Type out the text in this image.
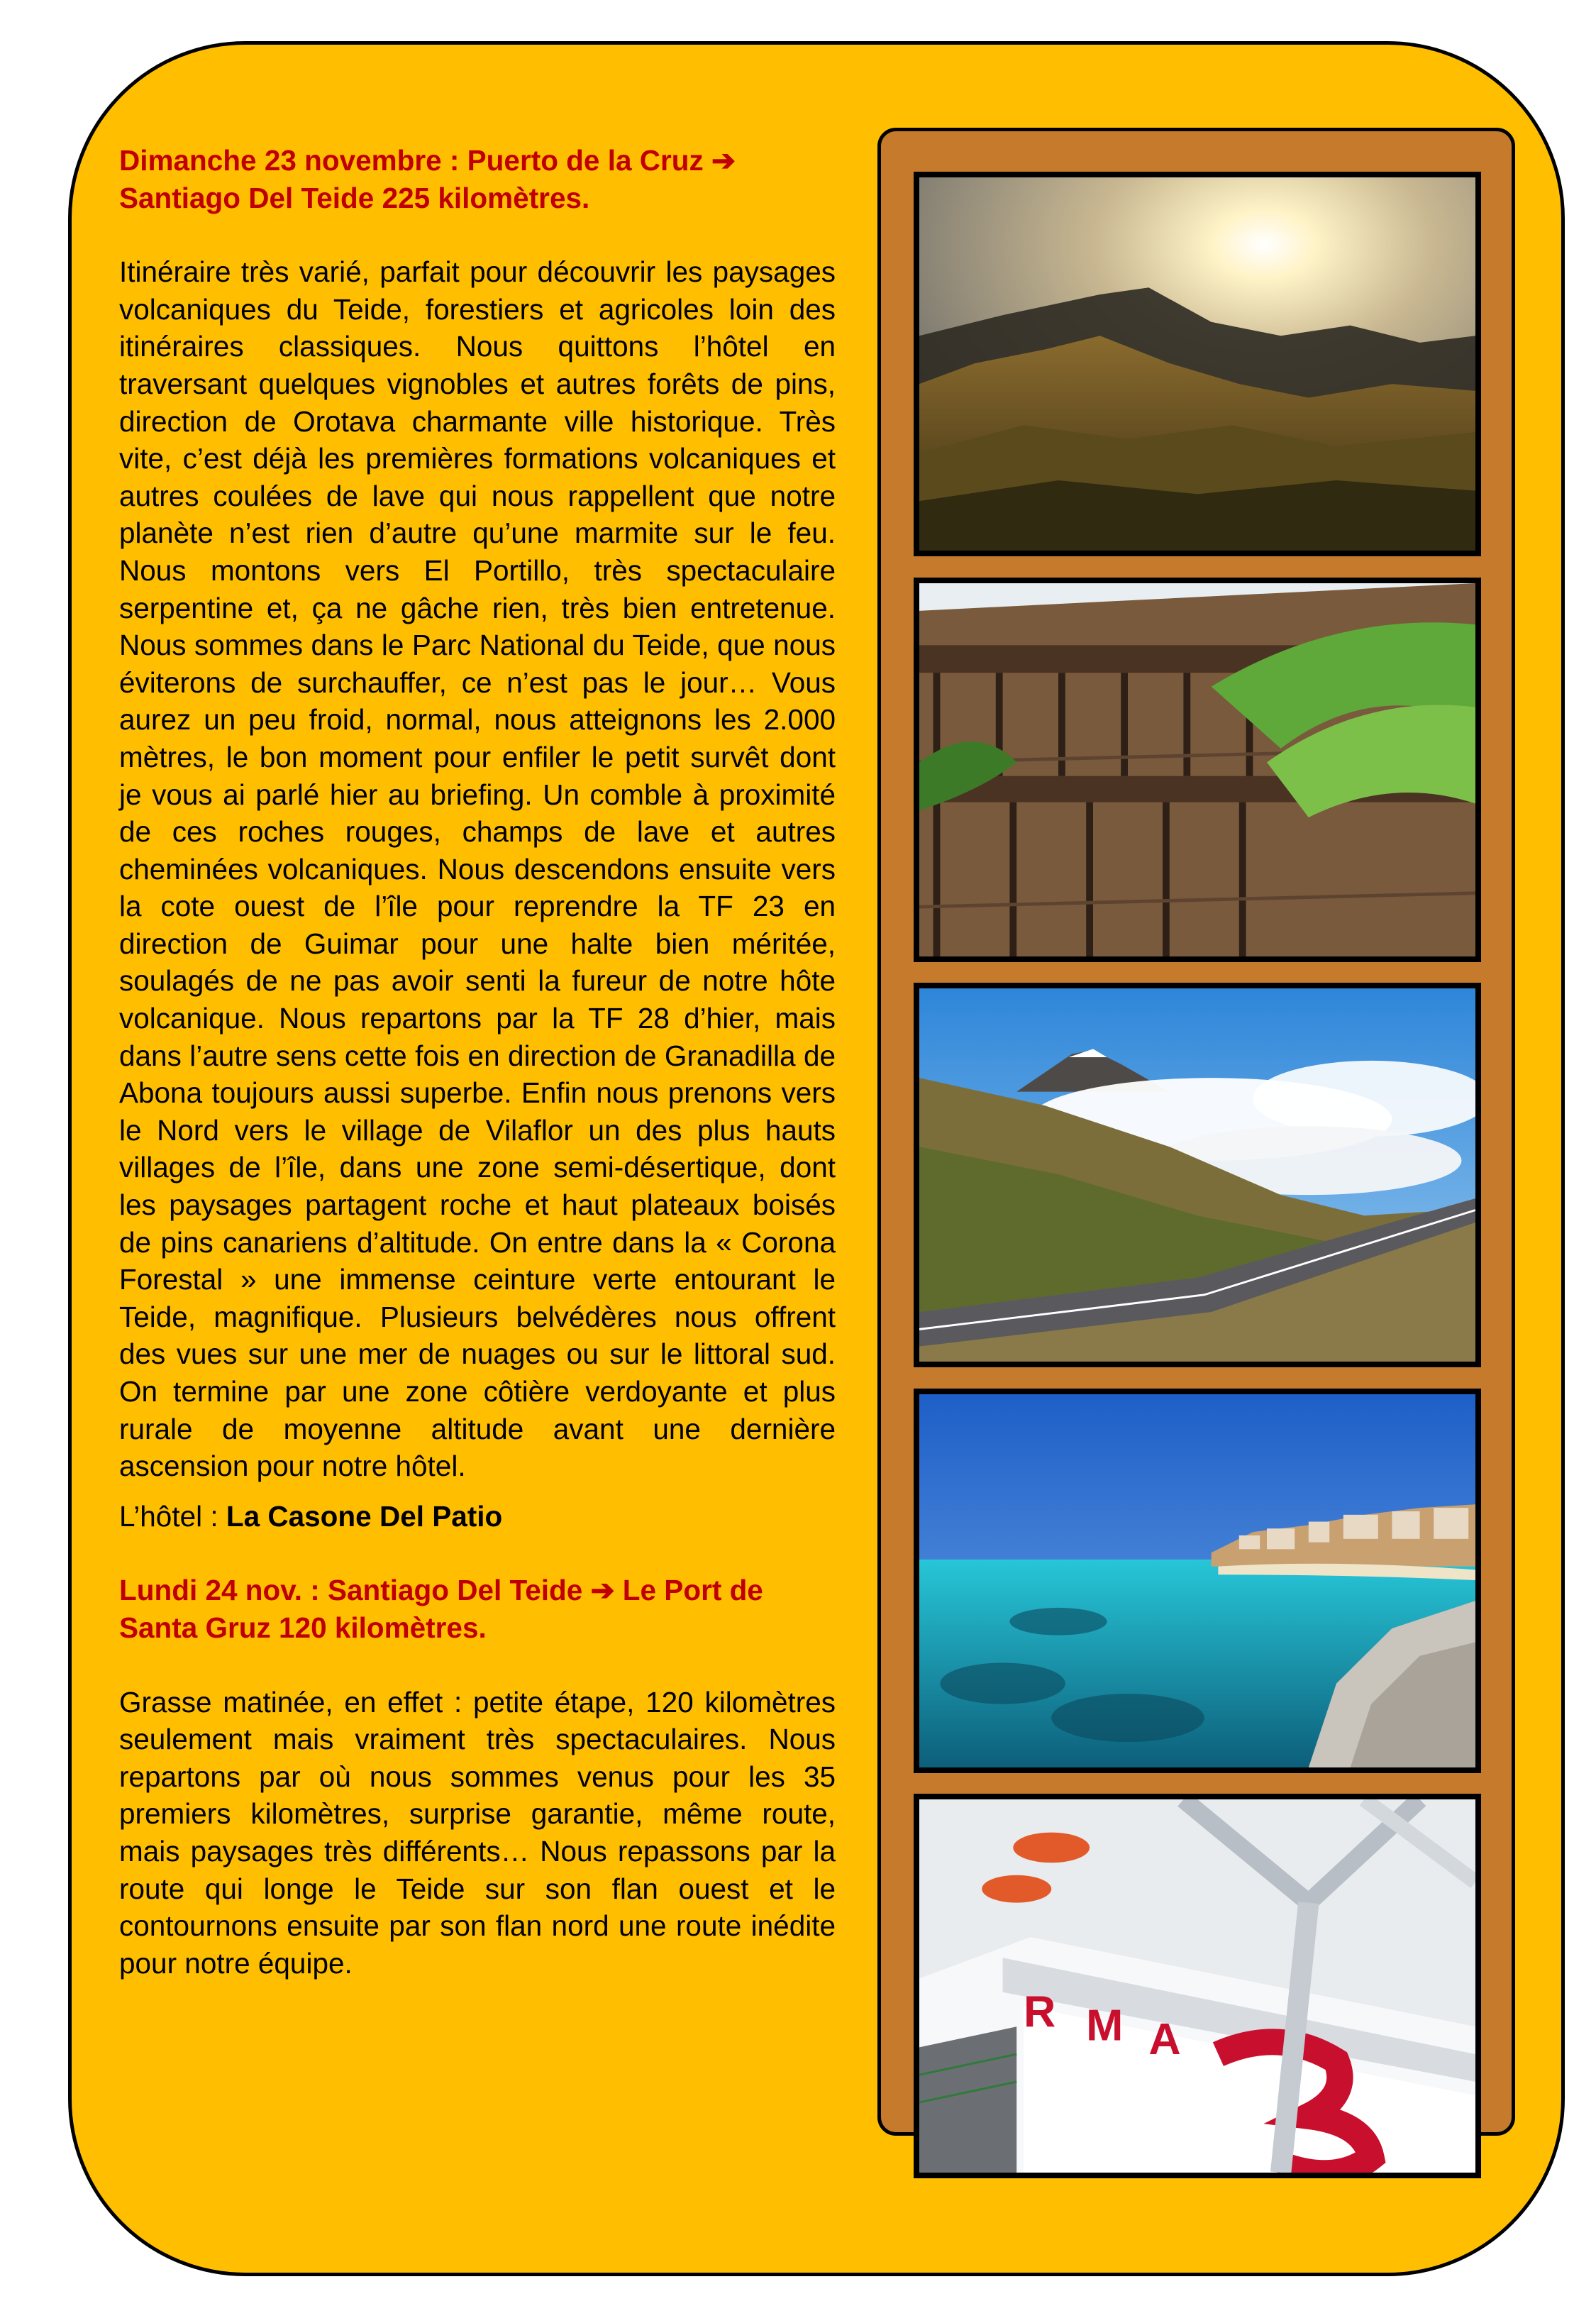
Dimanche 23 novembre : Puerto de la Cruz ➔
Santiago Del Teide 225 kilomètres.

Itinéraire très varié, parfait pour découvrir les paysages volcaniques du Teide, forestiers et agricoles loin des itinéraires classiques. Nous quittons l’hôtel en traversant quelques vignobles et autres forêts de pins, direction de Orotava charmante ville historique. Très vite, c’est déjà les premières formations volcaniques et autres coulées de lave qui nous rappellent que notre planète n’est rien d’autre qu’une marmite sur le feu. Nous montons vers El Portillo, très spectaculaire serpentine et, ça ne gâche rien, très bien entretenue. Nous sommes dans le Parc National du Teide, que nous éviterons de surchauffer, ce n’est pas le jour… Vous aurez un peu froid, normal, nous atteignons les 2.000 mètres, le bon moment pour enfiler le petit survêt dont je vous ai parlé hier au briefing. Un comble à proximité de ces roches rouges, champs de lave et autres cheminées volcaniques. Nous descendons ensuite vers la cote ouest de l’île pour reprendre la TF 23 en direction de Guimar pour une halte bien méritée, soulagés de ne pas avoir senti la fureur de notre hôte volcanique. Nous repartons par la TF 28 d’hier, mais dans l’autre sens cette fois en direction de Granadilla de Abona toujours aussi superbe. Enfin nous prenons vers le Nord vers le village de Vilaflor un des plus hauts villages de l’île, dans une zone semi-désertique, dont les paysages partagent roche et haut plateaux boisés de pins canariens d’altitude. On entre dans la « Corona Forestal » une immense ceinture verte entourant le Teide, magnifique. Plusieurs belvédères nous offrent des vues sur une mer de nuages ou sur le littoral sud. On termine par une zone côtière verdoyante et plus rurale de moyenne altitude avant une dernière ascension pour notre hôtel.

L’hôtel : La Casone Del Patio

Lundi 24 nov. : Santiago Del Teide ➔ Le Port de
Santa Gruz 120 kilomètres.

Grasse matinée, en effet : petite étape, 120 kilomètres seulement mais vraiment très spectaculaires. Nous repartons par où nous sommes venus pour les 35 premiers kilomètres, surprise garantie, même route, mais paysages très différents… Nous repassons par la route qui longe le Teide sur son flan ouest et le contournons ensuite par son flan nord une route inédite pour notre équipe.

R M A
